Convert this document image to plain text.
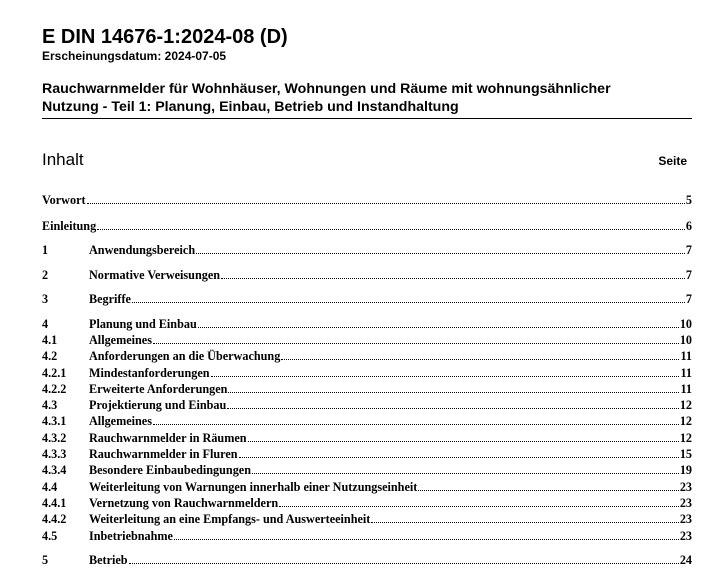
E DIN 14676-1:2024-08 (D)
Erscheinungsdatum: 2024-07-05
Rauchwarnmelder für Wohnhäuser, Wohnungen und Räume mit wohnungsähnlicher
Nutzung - Teil 1: Planung, Einbau, Betrieb und Instandhaltung
Inhalt	Seite
Vorwort	5
Einleitung	6
1	Anwendungsbereich	7
2	Normative Verweisungen	7
3	Begriffe	7
4	Planung und Einbau	10
4.1	Allgemeines	10
4.2	Anforderungen an die Überwachung	11
4.2.1	Mindestanforderungen	11
4.2.2	Erweiterte Anforderungen	11
4.3	Projektierung und Einbau	12
4.3.1	Allgemeines	12
4.3.2	Rauchwarnmelder in Räumen	12
4.3.3	Rauchwarnmelder in Fluren	15
4.3.4	Besondere Einbaubedingungen	19
4.4	Weiterleitung von Warnungen innerhalb einer Nutzungseinheit	23
4.4.1	Vernetzung von Rauchwarnmeldern	23
4.4.2	Weiterleitung an eine Empfangs- und Auswerteeinheit	23
4.5	Inbetriebnahme	23
5	Betrieb	24
